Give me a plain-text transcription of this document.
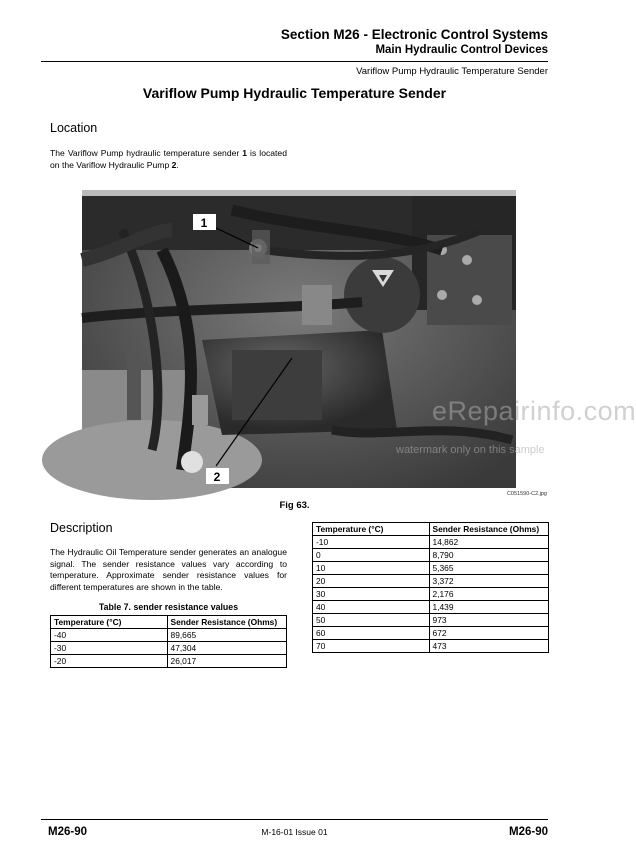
Section M26 - Electronic Control Systems
Main Hydraulic Control Devices
Variflow Pump Hydraulic Temperature Sender
Variflow Pump Hydraulic Temperature Sender
Location
The Variflow Pump hydraulic temperature sender 1 is located on the Variflow Hydraulic Pump 2.
1
2
eRepairinfo.com
watermark only on this sample
C051590-C2.jpg
Fig 63.
Description
The Hydraulic Oil Temperature sender generates an analogue signal. The sender resistance values vary according to temperature. Approximate sender resistance values for different temperatures are shown in the table.
Table 7. sender resistance values
Temperature (°C)	Sender Resistance (Ohms)
-40	89,665
-30	47,304
-20	26,017
Temperature (°C)	Sender Resistance (Ohms)
-10	14,862
0	8,790
10	5,365
20	3,372
30	2,176
40	1,439
50	973
60	672
70	473
M26-90	M-16-01 Issue 01	M26-90
